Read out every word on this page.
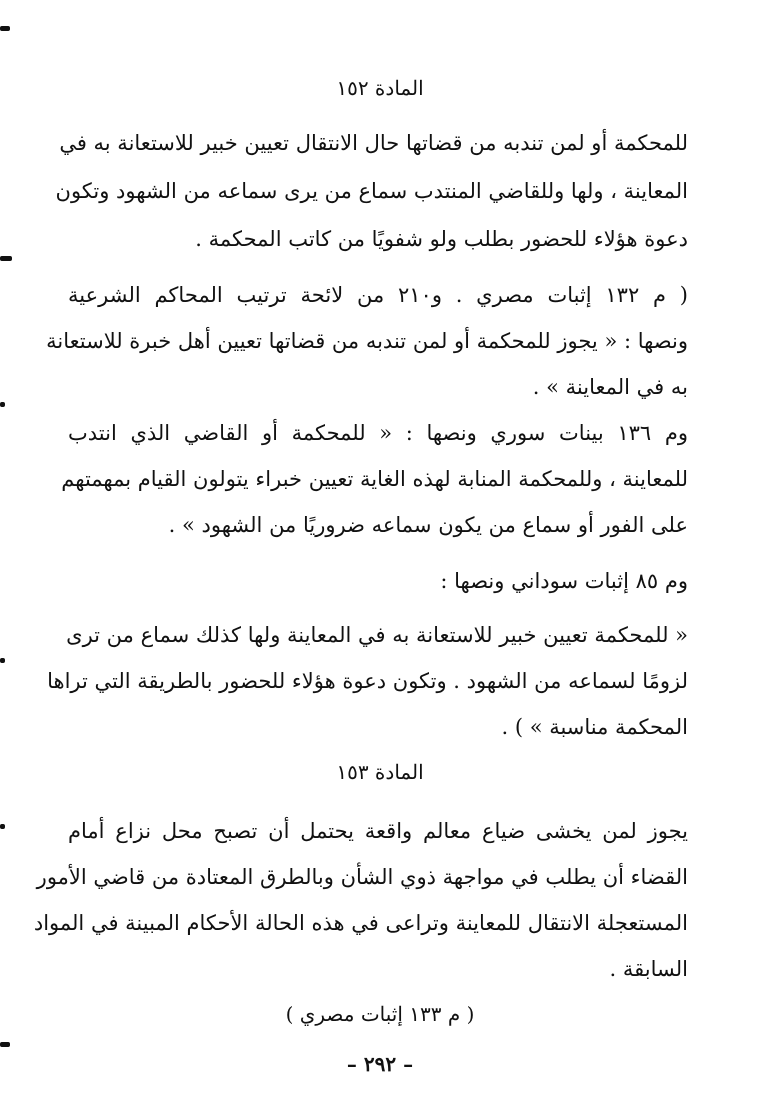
المادة ١٥٢
للمحكمة أو لمن تندبه من قضاتها حال الانتقال تعيين خبير للاستعانة به في
المعاينة ، ولها وللقاضي المنتدب سماع من يرى سماعه من الشهود وتكون
دعوة هؤلاء للحضور بطلب ولو شفويًا من كاتب المحكمة .
( م ١٣٢ إثبات مصري . و٢١٠ من لائحة ترتيب المحاكم الشرعية
ونصها : « يجوز للمحكمة أو لمن تندبه من قضاتها تعيين أهل خبرة للاستعانة
به في المعاينة » .
وم ١٣٦ بينات سوري ونصها : « للمحكمة أو القاضي الذي انتدب
للمعاينة ، وللمحكمة المنابة لهذه الغاية تعيين خبراء يتولون القيام بمهمتهم
على الفور أو سماع من يكون سماعه ضروريًا من الشهود » .
وم ٨٥ إثبات سوداني ونصها :
« للمحكمة تعيين خبير للاستعانة به في المعاينة ولها كذلك سماع من ترى
لزومًا لسماعه من الشهود . وتكون دعوة هؤلاء للحضور بالطريقة التي تراها
المحكمة مناسبة » ) .
المادة ١٥٣
يجوز لمن يخشى ضياع معالم واقعة يحتمل أن تصبح محل نزاع أمام
القضاء أن يطلب في مواجهة ذوي الشأن وبالطرق المعتادة من قاضي الأمور
المستعجلة الانتقال للمعاينة وتراعى في هذه الحالة الأحكام المبينة في المواد
السابقة .
( م ١٣٣ إثبات مصري )
– ٢٩٢ –
